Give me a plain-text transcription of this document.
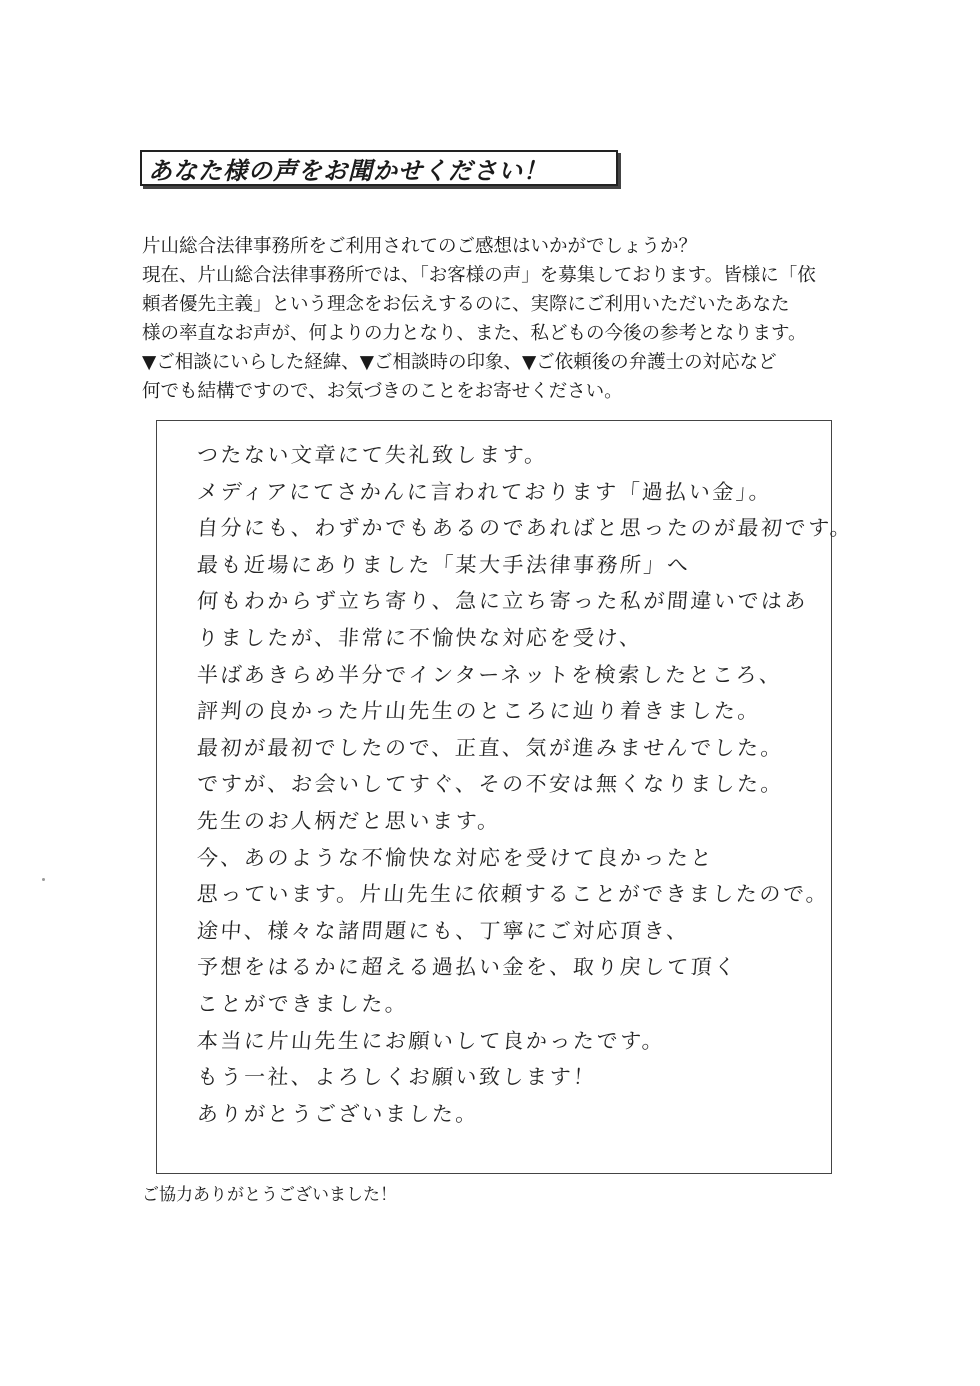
あなた様の声をお聞かせください！
片山総合法律事務所をご利用されてのご感想はいかがでしょうか？
現在、片山総合法律事務所では、「お客様の声」を募集しております。皆様に「依
頼者優先主義」という理念をお伝えするのに、実際にご利用いただいたあなた
様の率直なお声が、何よりの力となり、また、私どもの今後の参考となります。
▼ご相談にいらした経緯、▼ご相談時の印象、▼ご依頼後の弁護士の対応など
何でも結構ですので、お気づきのことをお寄せください。
つたない文章にて失礼致します。
メディアにてさかんに言われております「過払い金」。
自分にも、わずかでもあるのであればと思ったのが最初です。
最も近場にありました「某大手法律事務所」へ
何もわからず立ち寄り、急に立ち寄った私が間違いではあ
りましたが、非常に不愉快な対応を受け、
半ばあきらめ半分でインターネットを検索したところ、
評判の良かった片山先生のところに辿り着きました。
最初が最初でしたので、正直、気が進みませんでした。
ですが、お会いしてすぐ、その不安は無くなりました。
先生のお人柄だと思います。
今、あのような不愉快な対応を受けて良かったと
思っています。片山先生に依頼することができましたので。
途中、様々な諸問題にも、丁寧にご対応頂き、
予想をはるかに超える過払い金を、取り戻して頂く
ことができました。
本当に片山先生にお願いして良かったです。
もう一社、よろしくお願い致します！
ありがとうございました。
ご協力ありがとうございました！
